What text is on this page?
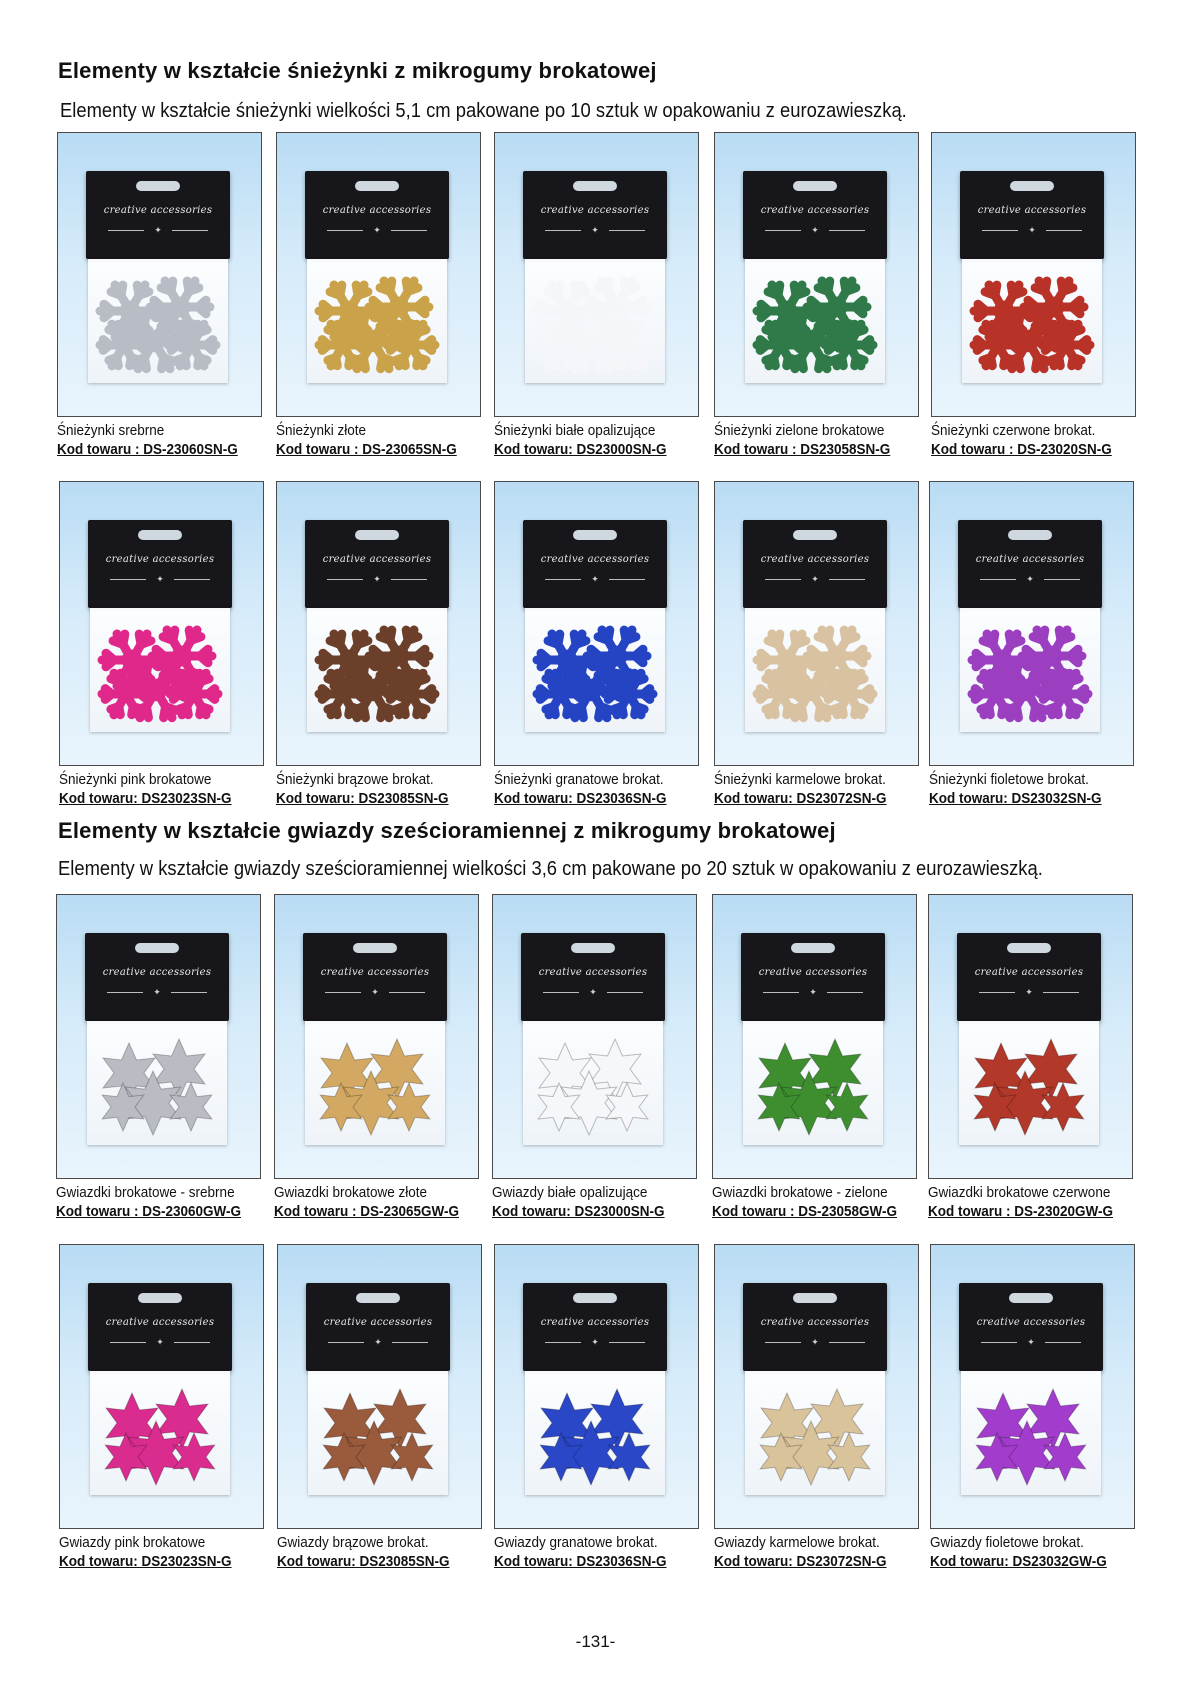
Elementy w kształcie śnieżynki z mikrogumy brokatowej
Elementy w kształcie śnieżynki wielkości 5,1 cm pakowane po 10 sztuk w opakowaniu z eurozawieszką.
Elementy w kształcie gwiazdy sześcioramiennej z mikrogumy brokatowej
Elementy w kształcie gwiazdy sześcioramiennej wielkości 3,6 cm pakowane po 20 sztuk w opakowaniu z eurozawieszką.
creative accessories
✦
Śnieżynki srebrne
Kod towaru : DS-23060SN-G
creative accessories
✦
Śnieżynki złote
Kod towaru : DS-23065SN-G
creative accessories
✦
Śnieżynki białe opalizujące
Kod towaru: DS23000SN-G
creative accessories
✦
Śnieżynki zielone brokatowe
Kod towaru : DS23058SN-G
creative accessories
✦
Śnieżynki czerwone brokat.
Kod towaru : DS-23020SN-G
creative accessories
✦
Śnieżynki pink brokatowe
Kod towaru: DS23023SN-G
creative accessories
✦
Śnieżynki brązowe brokat.
Kod towaru: DS23085SN-G
creative accessories
✦
Śnieżynki granatowe brokat.
Kod towaru: DS23036SN-G
creative accessories
✦
Śnieżynki karmelowe brokat.
Kod towaru: DS23072SN-G
creative accessories
✦
Śnieżynki fioletowe brokat.
Kod towaru: DS23032SN-G
creative accessories
✦
Gwiazdki brokatowe - srebrne
Kod towaru : DS-23060GW-G
creative accessories
✦
Gwiazdki brokatowe złote
Kod towaru : DS-23065GW-G
creative accessories
✦
Gwiazdy białe opalizujące
Kod towaru: DS23000SN-G
creative accessories
✦
Gwiazdki brokatowe - zielone
Kod towaru : DS-23058GW-G
creative accessories
✦
Gwiazdki brokatowe czerwone
Kod towaru : DS-23020GW-G
creative accessories
✦
Gwiazdy pink brokatowe
Kod towaru: DS23023SN-G
creative accessories
✦
Gwiazdy brązowe brokat.
Kod towaru: DS23085SN-G
creative accessories
✦
Gwiazdy granatowe brokat.
Kod towaru: DS23036SN-G
creative accessories
✦
Gwiazdy karmelowe brokat.
Kod towaru: DS23072SN-G
creative accessories
✦
Gwiazdy fioletowe brokat.
Kod towaru: DS23032GW-G
-131-
